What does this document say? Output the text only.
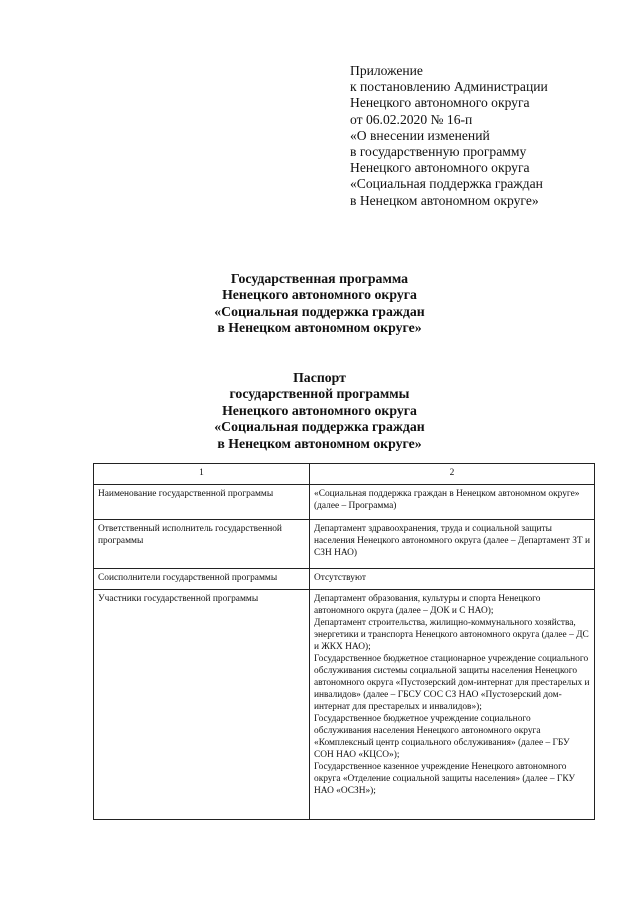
Приложение
к постановлению Администрации
Ненецкого автономного округа
от 06.02.2020 № 16-п
«О внесении изменений
в государственную программу
Ненецкого автономного округа
«Социальная поддержка граждан
в Ненецком автономном округе»
Государственная программа
Ненецкого автономного округа
«Социальная поддержка граждан
в Ненецком автономном округе»
Паспорт
государственной программы
Ненецкого автономного округа
«Социальная поддержка граждан
в Ненецком автономном округе»
1	2
Наименование государственной программы	«Социальная поддержка граждан в Ненецком автономном округе» (далее – Программа)

Ответственный исполнитель государственной программы	Департамент здравоохранения, труда и социальной защиты населения Ненецкого автономного округа (далее – Департамент ЗТ и СЗН НАО)

Соисполнители государственной программы	Отсутствуют

Участники государственной программы	Департамент образования, культуры и спорта Ненецкого автономного округа (далее – ДОК и С НАО);
Департамент строительства, жилищно-коммунального хозяйства, энергетики и транспорта Ненецкого автономного округа (далее – ДС и ЖКХ НАО);
Государственное бюджетное стационарное учреждение социального обслуживания системы социальной защиты населения Ненецкого автономного округа «Пустозерский дом-интернат для престарелых и инвалидов» (далее – ГБСУ СОС СЗ НАО «Пустозерский дом-интернат для престарелых и инвалидов»);
Государственное бюджетное учреждение социального обслуживания населения Ненецкого автономного округа «Комплексный центр социального обслуживания» (далее – ГБУ СОН НАО «КЦСО»);
Государственное казенное учреждение Ненецкого автономного округа «Отделение социальной защиты населения» (далее – ГКУ НАО «ОСЗН»);
